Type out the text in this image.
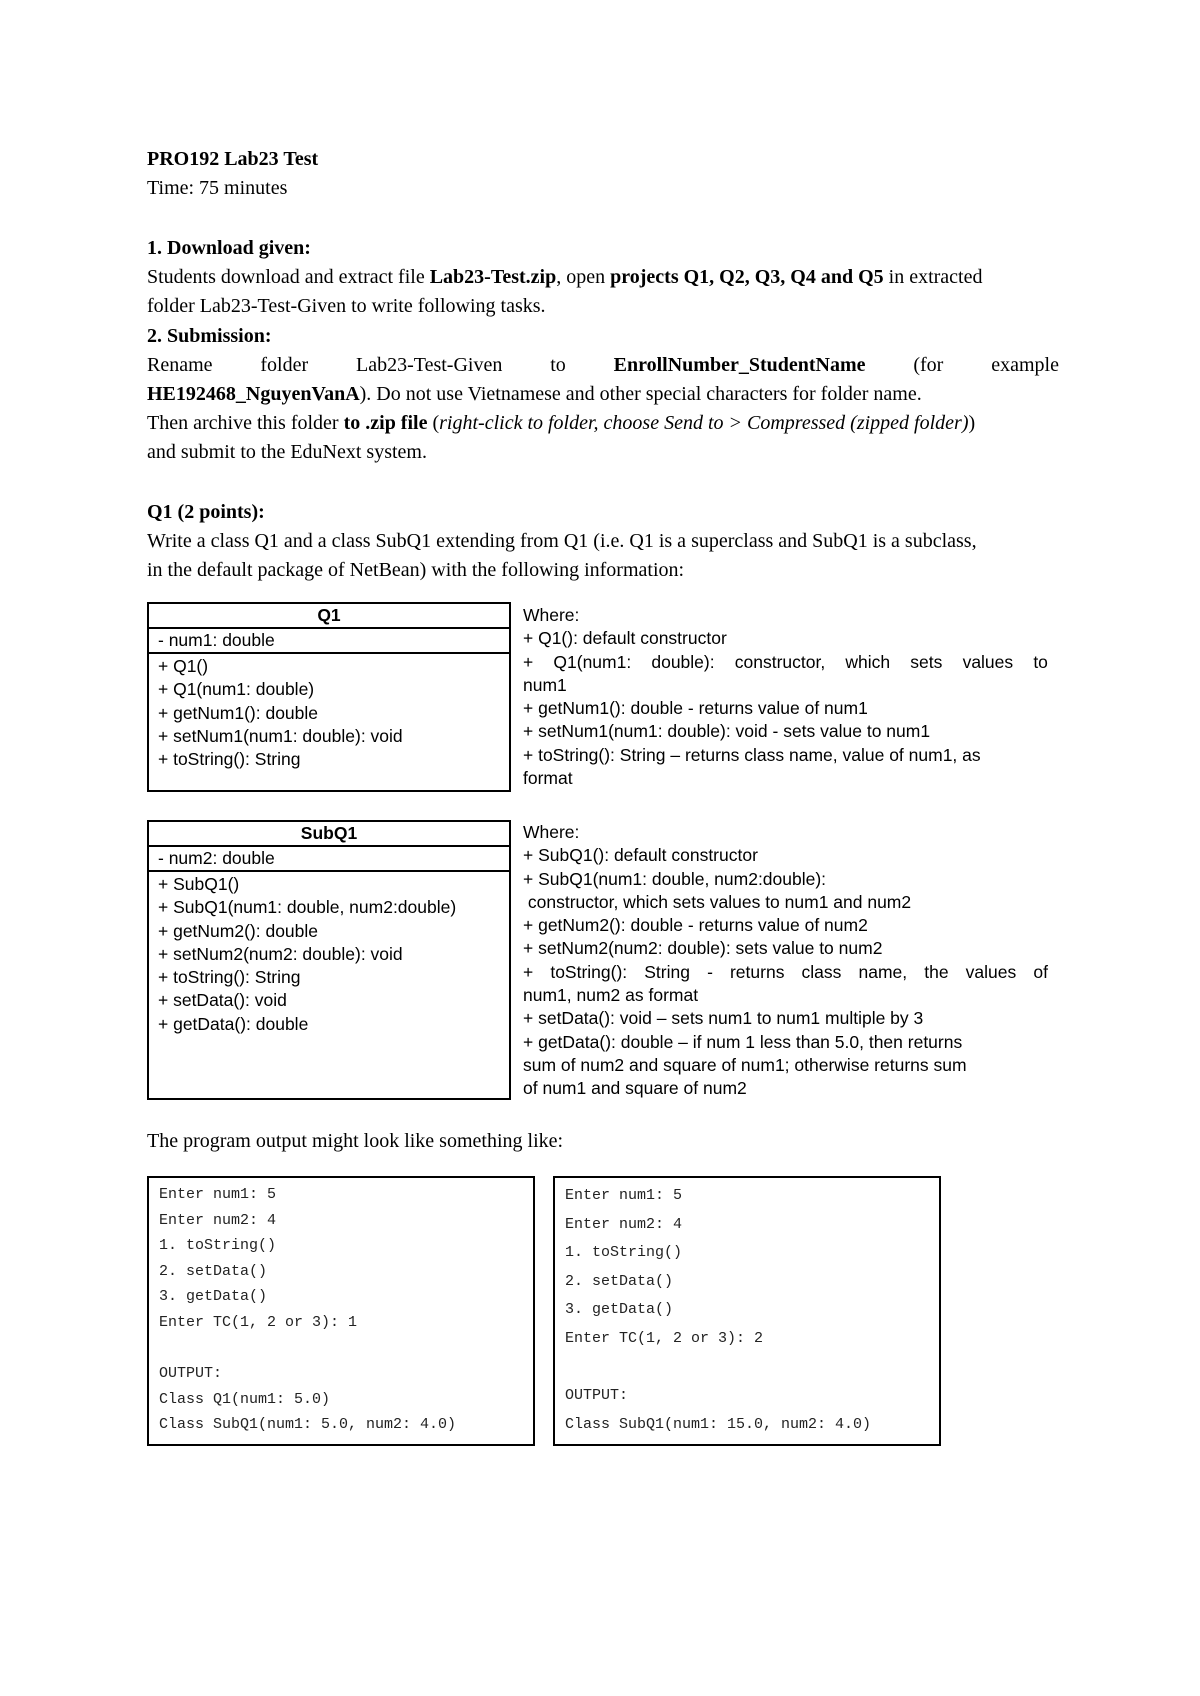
PRO192 Lab23 Test
Time: 75 minutes
1. Download given:
Students download and extract file Lab23-Test.zip, open projects Q1, Q2, Q3, Q4 and Q5 in extracted
folder Lab23-Test-Given to write following tasks.
2. Submission:
Rename folder Lab23-Test-Given to EnrollNumber_StudentName (for example
HE192468_NguyenVanA). Do not use Vietnamese and other special characters for folder name.
Then archive this folder to .zip file (right-click to folder, choose Send to > Compressed (zipped folder))
and submit to the EduNext system.
Q1 (2 points):
Write a class Q1 and a class SubQ1 extending from Q1 (i.e. Q1 is a superclass and SubQ1 is a subclass,
in the default package of NetBean) with the following information:
Q1
- num1: double
+ Q1()
+ Q1(num1: double)
+ getNum1(): double
+ setNum1(num1: double): void
+ toString(): String
Where:
+ Q1(): default constructor
+ Q1(num1: double): constructor, which sets values to
num1
+ getNum1(): double - returns value of num1
+ setNum1(num1: double): void - sets value to num1
+ toString(): String – returns class name, value of num1, as
format
SubQ1
- num2: double
+ SubQ1()
+ SubQ1(num1: double, num2:double)
+ getNum2(): double
+ setNum2(num2: double): void
+ toString(): String
+ setData(): void
+ getData(): double
Where:
+ SubQ1(): default constructor
+ SubQ1(num1: double, num2:double):
constructor, which sets values to num1 and num2
+ getNum2(): double - returns value of num2
+ setNum2(num2: double): sets value to num2
+ toString(): String - returns class name, the values of
num1, num2 as format
+ setData(): void – sets num1 to num1 multiple by 3
+ getData(): double – if num 1 less than 5.0, then returns
sum of num2 and square of num1; otherwise returns sum
of num1 and square of num2
The program output might look like something like:
Enter num1: 5
Enter num2: 4
1. toString()
2. setData()
3. getData()
Enter TC(1, 2 or 3): 1

OUTPUT:
Class Q1(num1: 5.0)
Class SubQ1(num1: 5.0, num2: 4.0)
Enter num1: 5
Enter num2: 4
1. toString()
2. setData()
3. getData()
Enter TC(1, 2 or 3): 2

OUTPUT:
Class SubQ1(num1: 15.0, num2: 4.0)
